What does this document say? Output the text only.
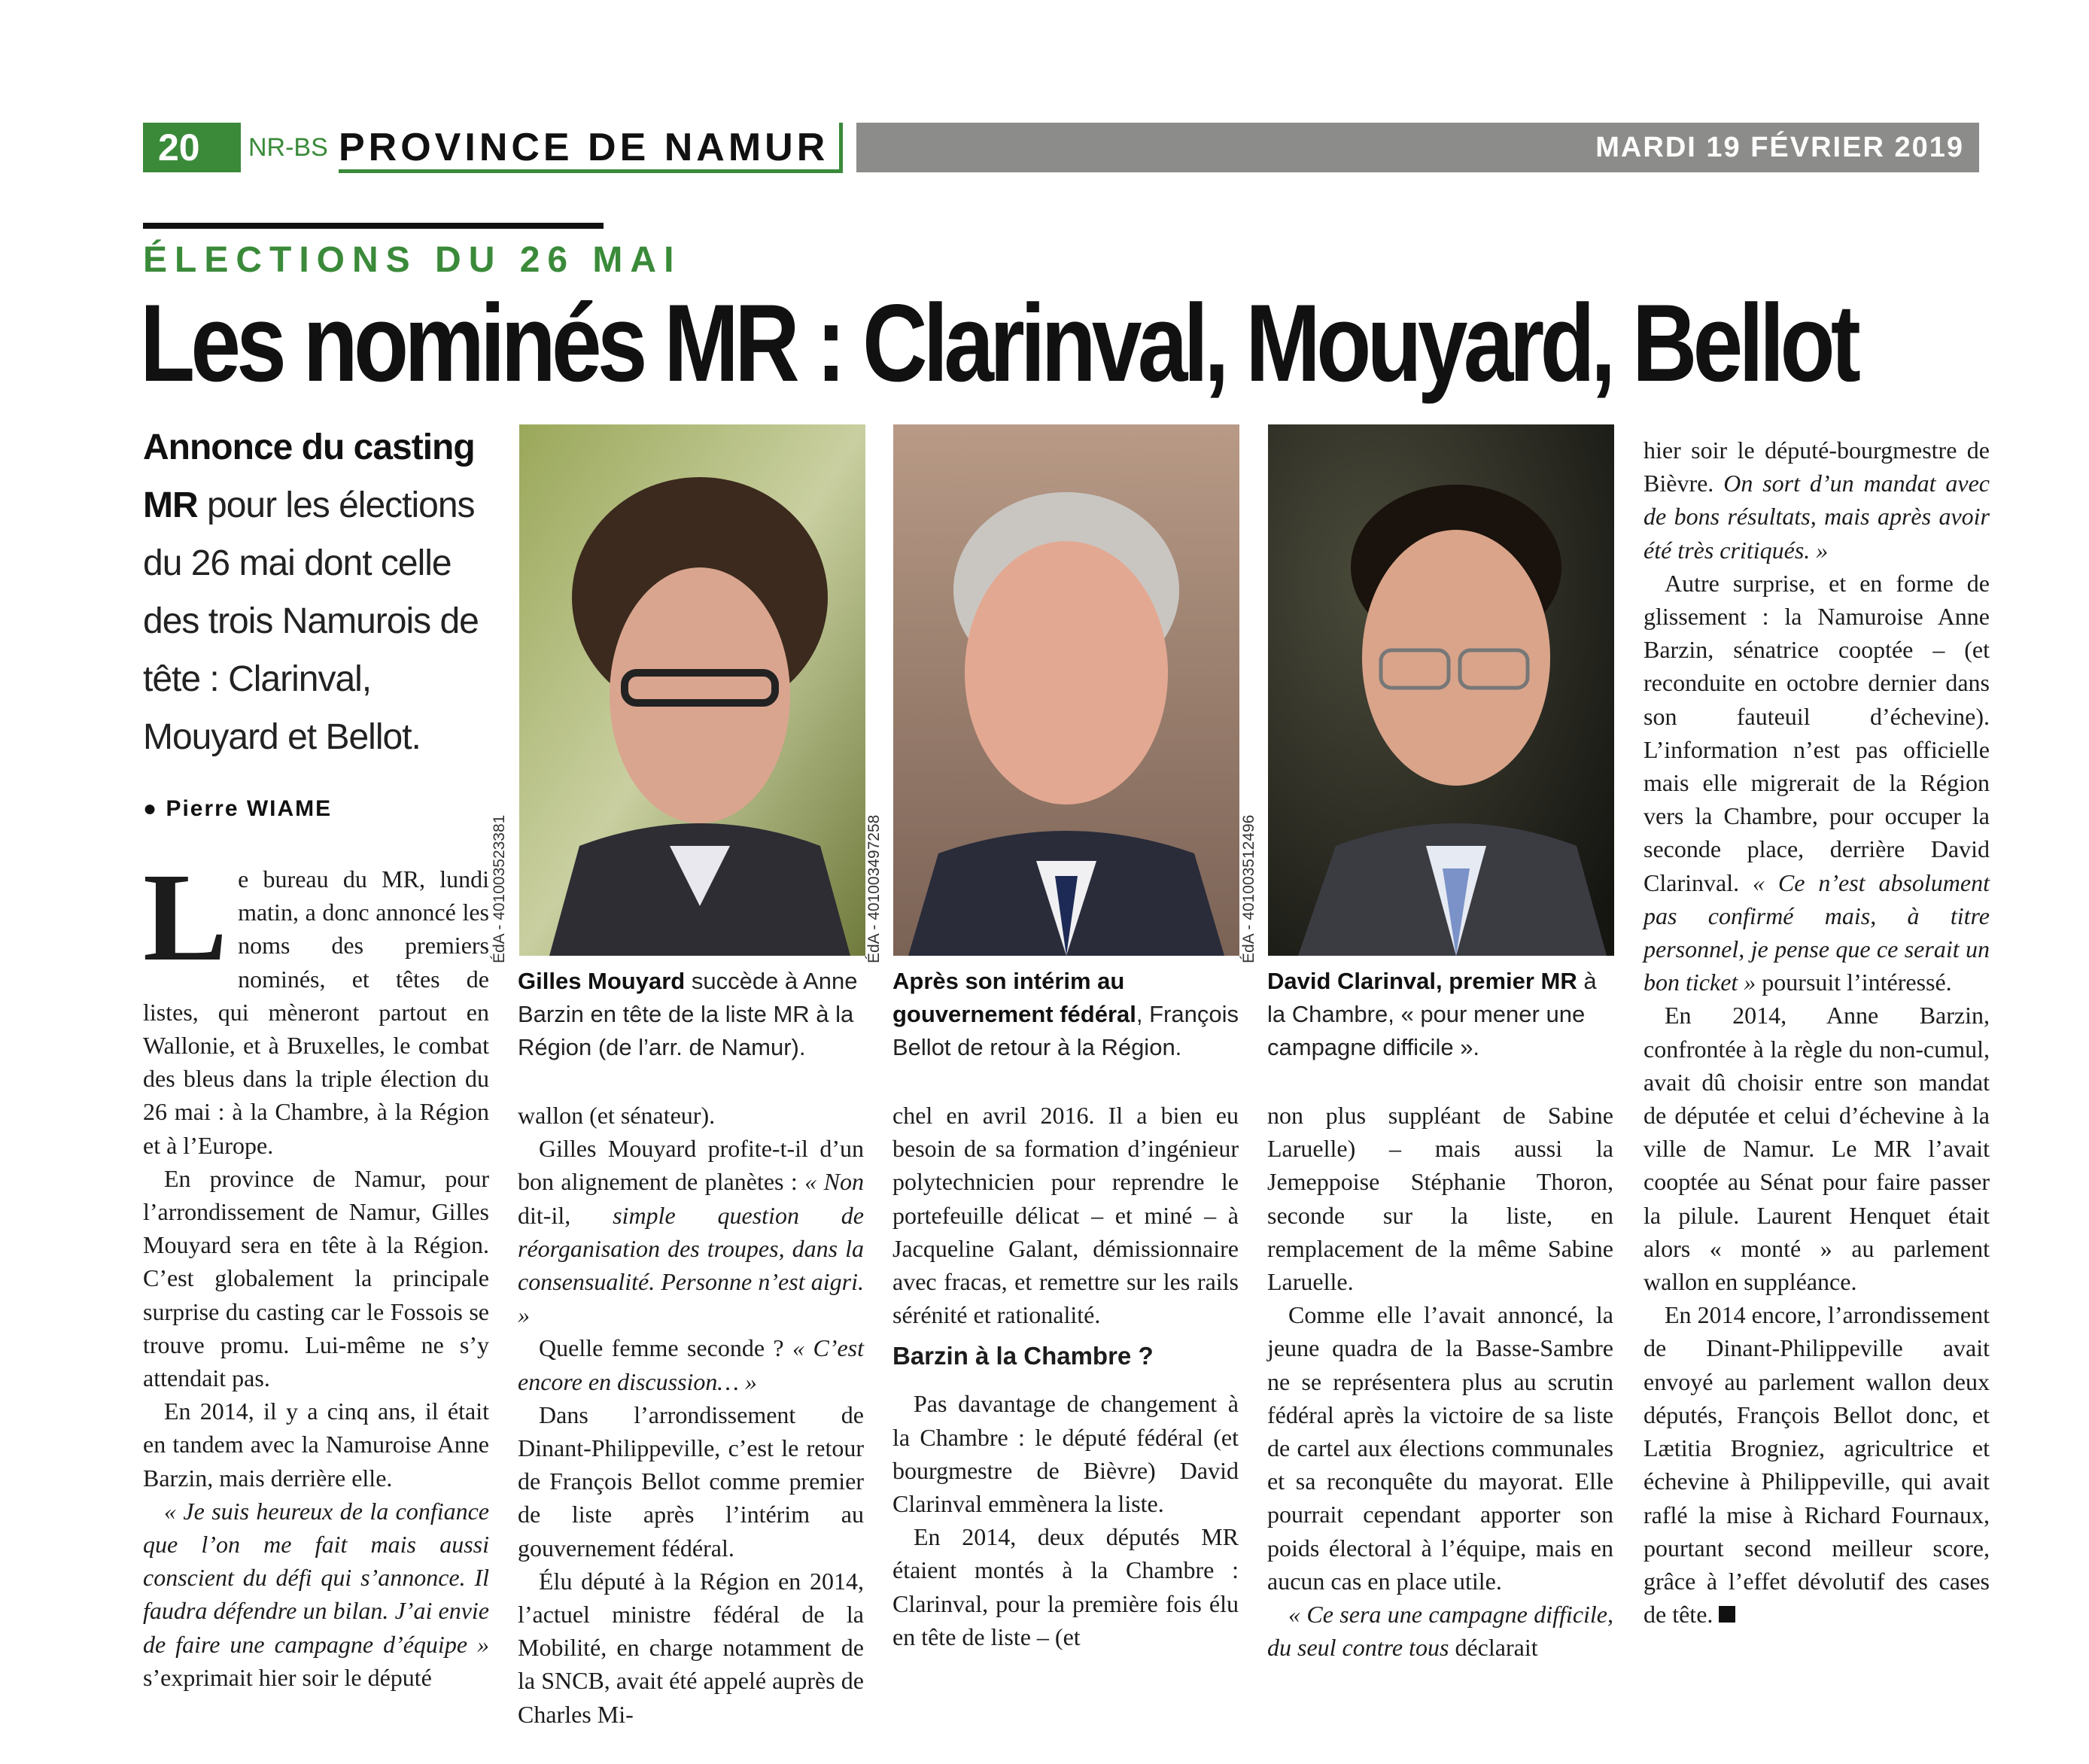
20	NR-BS PROVINCE DE NAMUR	MARDI 19 FÉVRIER 2019
ÉLECTIONS DU 26 MAI
Les nominés MR : Clarinval, Mouyard, Bellot
Annonce du casting MR pour les élections du 26 mai dont celle des trois Namurois de tête : Clarinval, Mouyard et Bellot.
● Pierre WIAME

Le bureau du MR, lundi matin, a donc annoncé les noms des premiers nominés, et têtes de listes, qui mèneront partout en Wallonie, et à Bruxelles, le combat des bleus dans la triple élection du 26 mai : à la Chambre, à la Région et à l’Europe.

En province de Namur, pour l’arrondissement de Namur, Gilles Mouyard sera en tête à la Région. C’est globalement la principale surprise du casting car le Fossois se trouve promu. Lui-même ne s’y attendait pas.

En 2014, il y a cinq ans, il était en tandem avec la Namuroise Anne Barzin, mais derrière elle.

« Je suis heureux de la confiance que l’on me fait mais aussi conscient du défi qui s’annonce. Il faudra défendre un bilan. J’ai envie de faire une campagne d’équipe » s’exprimait hier soir le député

ÉdA - 401003523381	ÉdA - 401003497258	ÉdA - 401003512496
Gilles Mouyard succède à Anne Barzin en tête de la liste MR à la Région (de l’arr. de Namur).
Après son intérim au gouvernement fédéral, François Bellot de retour à la Région.
David Clarinval, premier MR à la Chambre, « pour mener une campagne difficile ».

wallon (et sénateur).

Gilles Mouyard profite-t-il d’un bon alignement de planètes : « Non dit-il, simple question de réorganisation des troupes, dans la consensualité. Personne n’est aigri. »

Quelle femme seconde ? « C’est encore en discussion… »

Dans l’arrondissement de Dinant-Philippeville, c’est le retour de François Bellot comme premier de liste après l’intérim au gouvernement fédéral.

Élu député à la Région en 2014, l’actuel ministre fédéral de la Mobilité, en charge notamment de la SNCB, avait été appelé auprès de Charles Mi-

chel en avril 2016. Il a bien eu besoin de sa formation d’ingénieur polytechnicien pour reprendre le portefeuille délicat – et miné – à Jacqueline Galant, démissionnaire avec fracas, et remettre sur les rails sérénité et rationalité.

Barzin à la Chambre ?

Pas davantage de changement à la Chambre : le député fédéral (et bourgmestre de Bièvre) David Clarinval emmènera la liste.

En 2014, deux députés MR étaient montés à la Chambre : Clarinval, pour la première fois élu en tête de liste – (et

non plus suppléant de Sabine Laruelle) – mais aussi la Jemeppoise Stéphanie Thoron, seconde sur la liste, en remplacement de la même Sabine Laruelle.

Comme elle l’avait annoncé, la jeune quadra de la Basse-Sambre ne se représentera plus au scrutin fédéral après la victoire de sa liste de cartel aux élections communales et sa reconquête du mayorat. Elle pourrait cependant apporter son poids électoral à l’équipe, mais en aucun cas en place utile.

« Ce sera une campagne difficile, du seul contre tous déclarait

hier soir le député-bourgmestre de Bièvre. On sort d’un mandat avec de bons résultats, mais après avoir été très critiqués. »

Autre surprise, et en forme de glissement : la Namuroise Anne Barzin, sénatrice cooptée – (et reconduite en octobre dernier dans son fauteuil d’échevine). L’information n’est pas officielle mais elle migrerait de la Région vers la Chambre, pour occuper la seconde place, derrière David Clarinval. « Ce n’est absolument pas confirmé mais, à titre personnel, je pense que ce serait un bon ticket » poursuit l’intéressé.

En 2014, Anne Barzin, confrontée à la règle du non-cumul, avait dû choisir entre son mandat de députée et celui d’échevine à la ville de Namur. Le MR l’avait cooptée au Sénat pour faire passer la pilule. Laurent Henquet était alors « monté » au parlement wallon en suppléance.

En 2014 encore, l’arrondissement de Dinant-Philippeville avait envoyé au parlement wallon deux députés, François Bellot donc, et Lætitia Brogniez, agricultrice et échevine à Philippeville, qui avait raflé la mise à Richard Fournaux, pourtant second meilleur score, grâce à l’effet dévolutif des cases de tête.
